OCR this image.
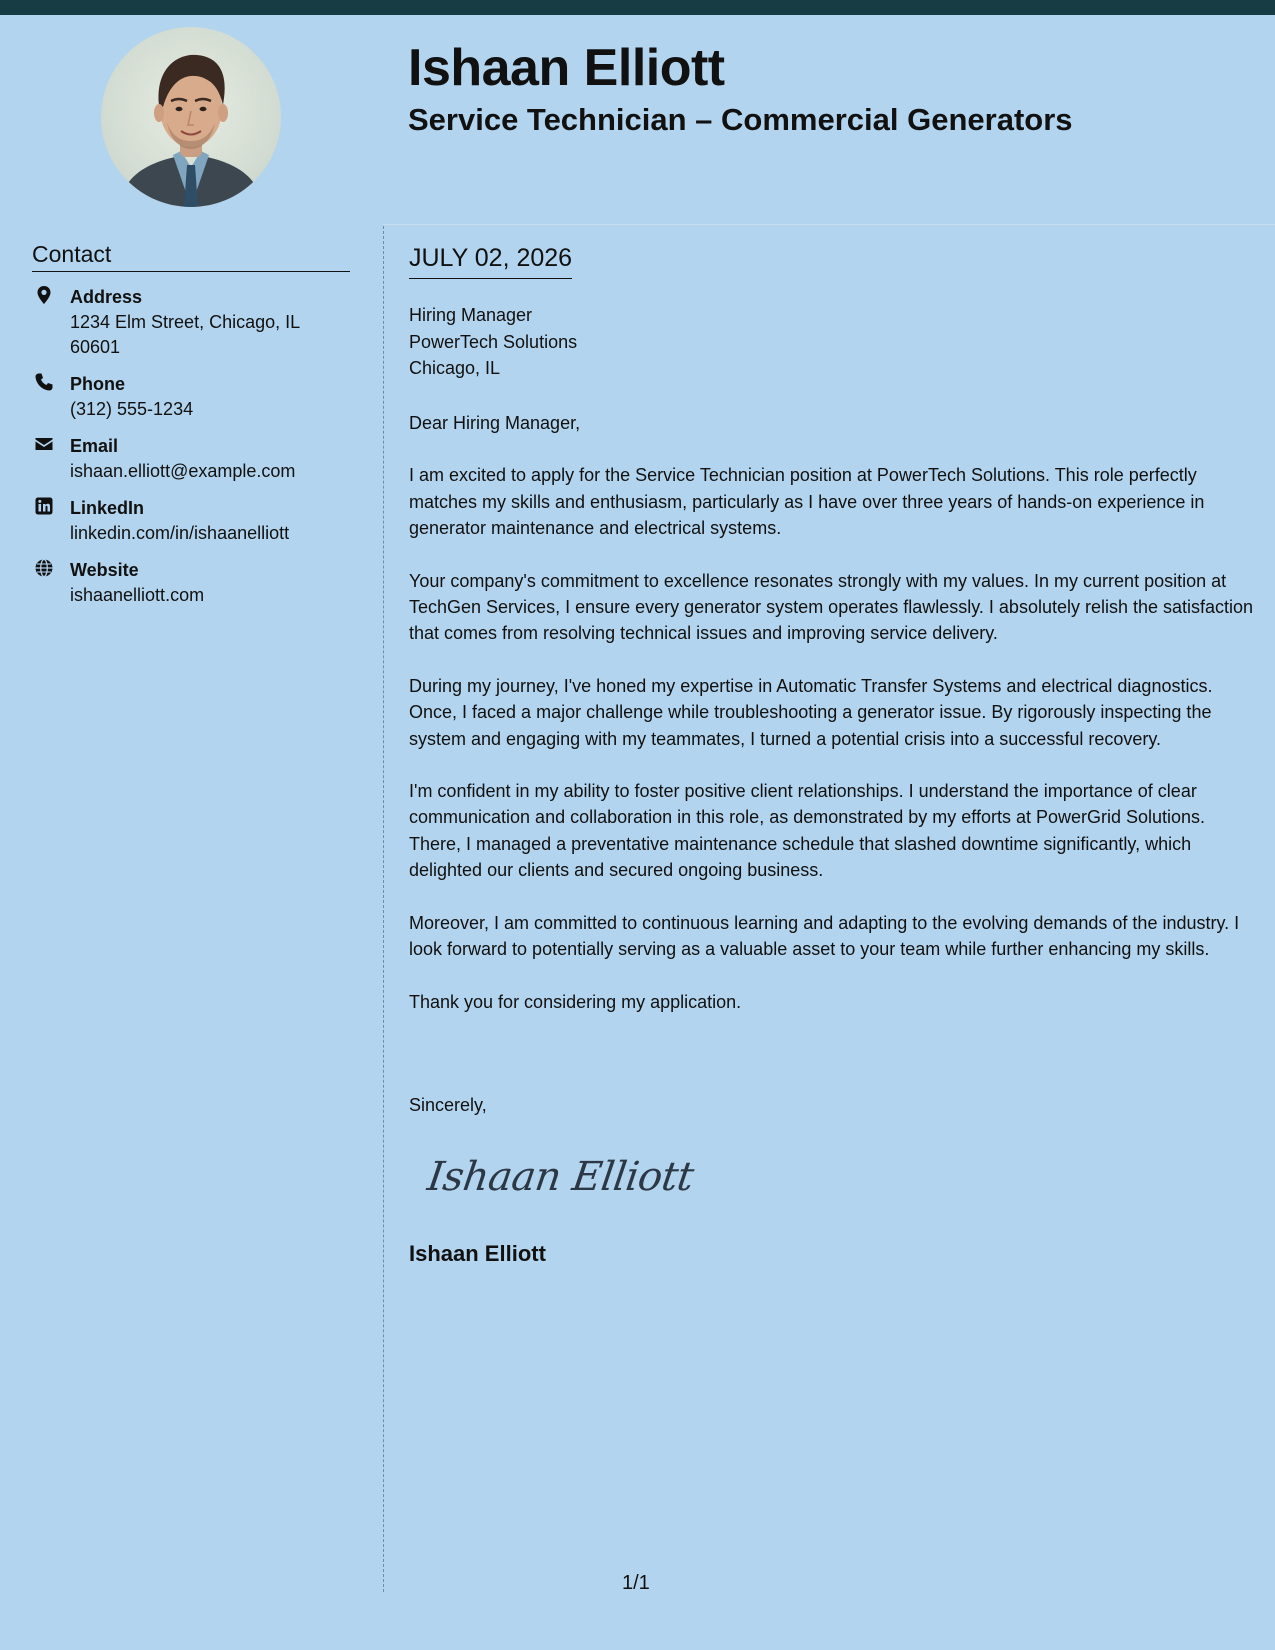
Ishaan Elliott
Service Technician – Commercial Generators
Contact
Address
1234 Elm Street, Chicago, IL 60601
Phone
(312) 555-1234
Email
ishaan.elliott@example.com
LinkedIn
linkedin.com/in/ishaanelliott
Website
ishaanelliott.com
JULY 02, 2026
Hiring Manager
PowerTech Solutions
Chicago, IL

Dear Hiring Manager,

I am excited to apply for the Service Technician position at PowerTech Solutions. This role perfectly matches my skills and enthusiasm, particularly as I have over three years of hands-on experience in generator maintenance and electrical systems.

Your company's commitment to excellence resonates strongly with my values. In my current position at TechGen Services, I ensure every generator system operates flawlessly. I absolutely relish the satisfaction that comes from resolving technical issues and improving service delivery.

During my journey, I've honed my expertise in Automatic Transfer Systems and electrical diagnostics. Once, I faced a major challenge while troubleshooting a generator issue. By rigorously inspecting the system and engaging with my teammates, I turned a potential crisis into a successful recovery.

I'm confident in my ability to foster positive client relationships. I understand the importance of clear communication and collaboration in this role, as demonstrated by my efforts at PowerGrid Solutions. There, I managed a preventative maintenance schedule that slashed downtime significantly, which delighted our clients and secured ongoing business.

Moreover, I am committed to continuous learning and adapting to the evolving demands of the industry. I look forward to potentially serving as a valuable asset to your team while further enhancing my skills.

Thank you for considering my application.

Sincerely,
Ishaan Elliott
Ishaan Elliott
1/1
